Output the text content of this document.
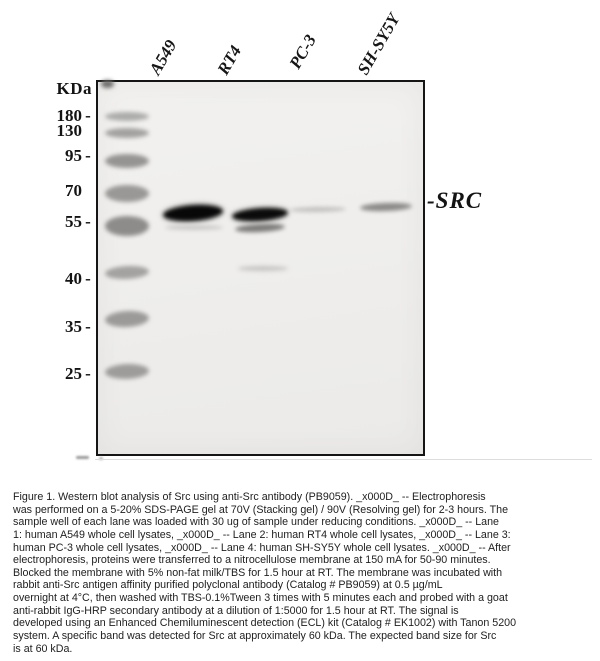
A549 RT4 PC-3 SH-SY5Y
KDa
180 -
130
95 -
70
55 -
40 -
35 -
25 -
-SRC
Figure 1. Western blot analysis of Src using anti-Src antibody (PB9059). _x000D_ -- Electrophoresis
was performed on a 5-20% SDS-PAGE gel at 70V (Stacking gel) / 90V (Resolving gel) for 2-3 hours. The
sample well of each lane was loaded with 30 ug of sample under reducing conditions. _x000D_ -- Lane
1: human A549 whole cell lysates, _x000D_ -- Lane 2: human RT4 whole cell lysates, _x000D_ -- Lane 3:
human PC-3 whole cell lysates, _x000D_ -- Lane 4: human SH-SY5Y whole cell lysates. _x000D_ -- After
electrophoresis, proteins were transferred to a nitrocellulose membrane at 150 mA for 50-90 minutes.
Blocked the membrane with 5% non-fat milk/TBS for 1.5 hour at RT. The membrane was incubated with
rabbit anti-Src antigen affinity purified polyclonal antibody (Catalog # PB9059) at 0.5 µg/mL
overnight at 4°C, then washed with TBS-0.1%Tween 3 times with 5 minutes each and probed with a goat
anti-rabbit IgG-HRP secondary antibody at a dilution of 1:5000 for 1.5 hour at RT. The signal is
developed using an Enhanced Chemiluminescent detection (ECL) kit (Catalog # EK1002) with Tanon 5200
system. A specific band was detected for Src at approximately 60 kDa. The expected band size for Src
is at 60 kDa.
